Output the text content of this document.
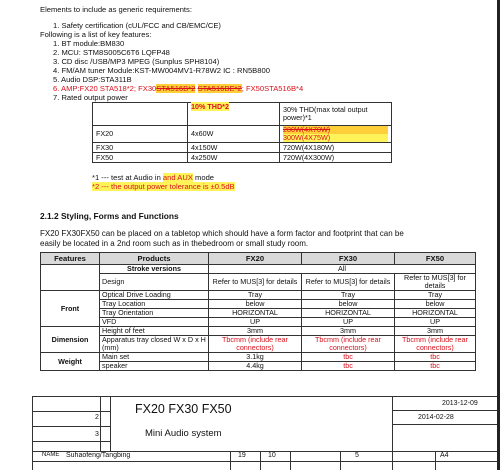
Elements to include as generic requirements:
1. Safety certification (cUL/FCC and CB/EMC/CE)
Following is a list of key features:
1. BT module:BM830
2. MCU: STM8S005C6T6 LQFP48
3. CD disc /USB/MP3 MPEG (Sunplus SPH8104)
4. FM/AM tuner Module:KST-MW004MV1-R78W2 IC : RN5B800
5. Audio DSP:STA311B
6. AMP:FX20 STA518*2; FX30STA516B*2 STA516BE*2; FX50STA516B*4
7. Rated output power
	10% THD*2	30% THD(max total output power)*1
FX20	4x60W	280W(4X70W)
300W(4X75W)

FX30	4x150W	720W(4X180W)
FX50	4x250W	720W(4X300W)
*1 --- test at Audio in and AUX mode
*2 --- the output power tolerance is ±0.5dB
2.1.2 Styling, Forms and Functions
FX20 FX30FX50 can be placed on a tabletop which should have a form factor and footprint that can be
easily be located in a 2nd room such as in thebedroom or small study room.
Features	Products	FX20	FX30	FX50
	Stroke versions	All		
	Design	Refer to MUS[3] for details	Refer to MUS[3] for details	Refer to MUS[3] for details
Front	Optical Drive Loading	Tray	Tray	Tray
	Tray Location	below	below	below
	Tray Orientation	HORIZONTAL	HORIZONTAL	HORIZONTAL
	VFD	UP	UP	UP
Dimension	Height of feet	3mm	3mm	3mm
	Apparatus tray closed W x D x H (mm)	Tbcmm (include rear connectors)	Tbcmm (include rear connectors)	Tbcmm (include rear connectors)
Weight	Main set	3.1kg	tbc	tbc
	speaker	4.4kg	tbc	tbc
FX20 FX30 FX50
Mini Audio system
2
3
2013-12-09
2014-02-28
NAME Suhaofeng/Tangbing	19	10	5	A4
